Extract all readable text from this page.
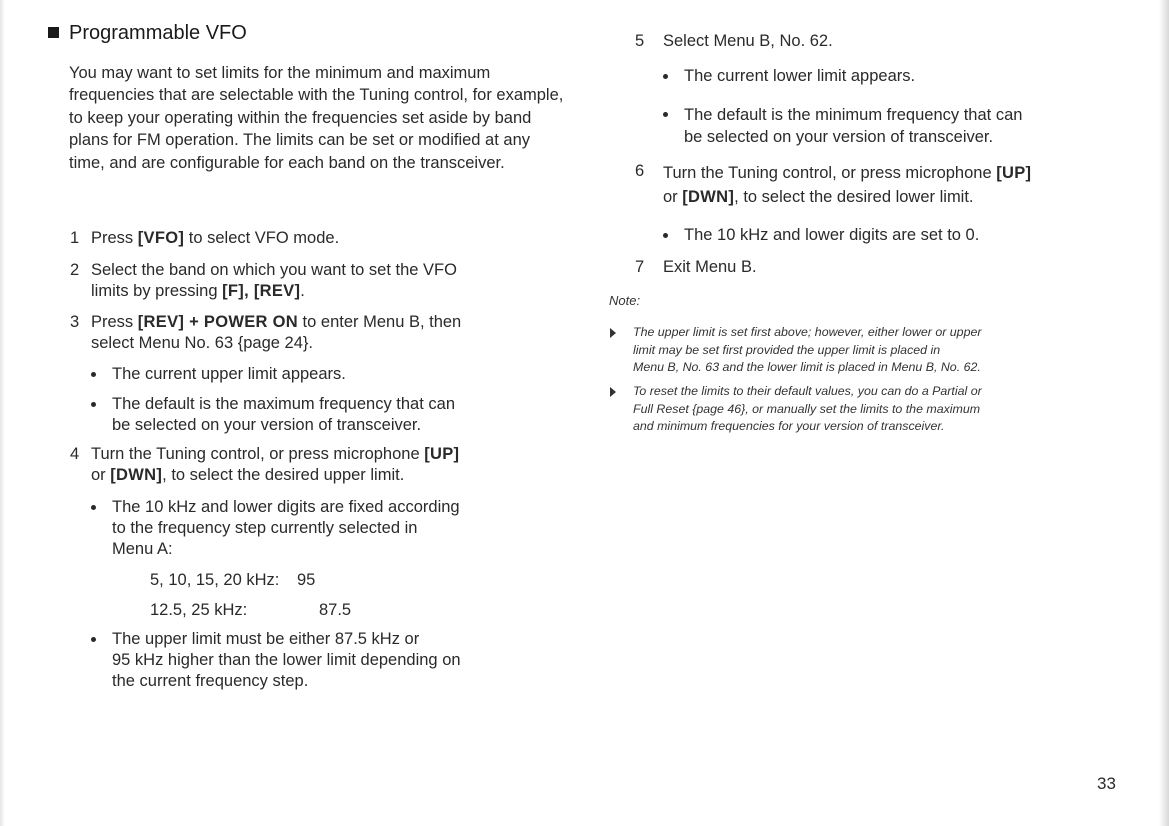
Programmable VFO

You may want to set limits for the minimum and maximum frequencies that are selectable with the Tuning control, for example, to keep your operating within the frequencies set aside by band plans for FM operation. The limits can be set or modified at any time, and are configurable for each band on the transceiver.

1 Press [VFO] to select VFO mode.
2 Select the band on which you want to set the VFO
limits by pressing [F], [REV].
3 Press [REV] + POWER ON to enter Menu B, then
select Menu No. 63 {page 24}.
The current upper limit appears.
The default is the maximum frequency that can
be selected on your version of transceiver.
4 Turn the Tuning control, or press microphone [UP]
or [DWN], to select the desired upper limit.
The 10 kHz and lower digits are fixed according
to the frequency step currently selected in
Menu A:
5, 10, 15, 20 kHz: 95
12.5, 25 kHz:	87.5
The upper limit must be either 87.5 kHz or
95 kHz higher than the lower limit depending on
the current frequency step.
5 Select Menu B, No. 62.
The current lower limit appears.
The default is the minimum frequency that can
be selected on your version of transceiver.
6 Turn the Tuning control, or press microphone [UP]
or [DWN], to select the desired lower limit.
The 10 kHz and lower digits are set to 0.
7 Exit Menu B.
Note:
The upper limit is set first above; however, either lower or upper
limit may be set first provided the upper limit is placed in
Menu B, No. 63 and the lower limit is placed in Menu B, No. 62.
To reset the limits to their default values, you can do a Partial or
Full Reset {page 46}, or manually set the limits to the maximum
and minimum frequencies for your version of transceiver.
33
